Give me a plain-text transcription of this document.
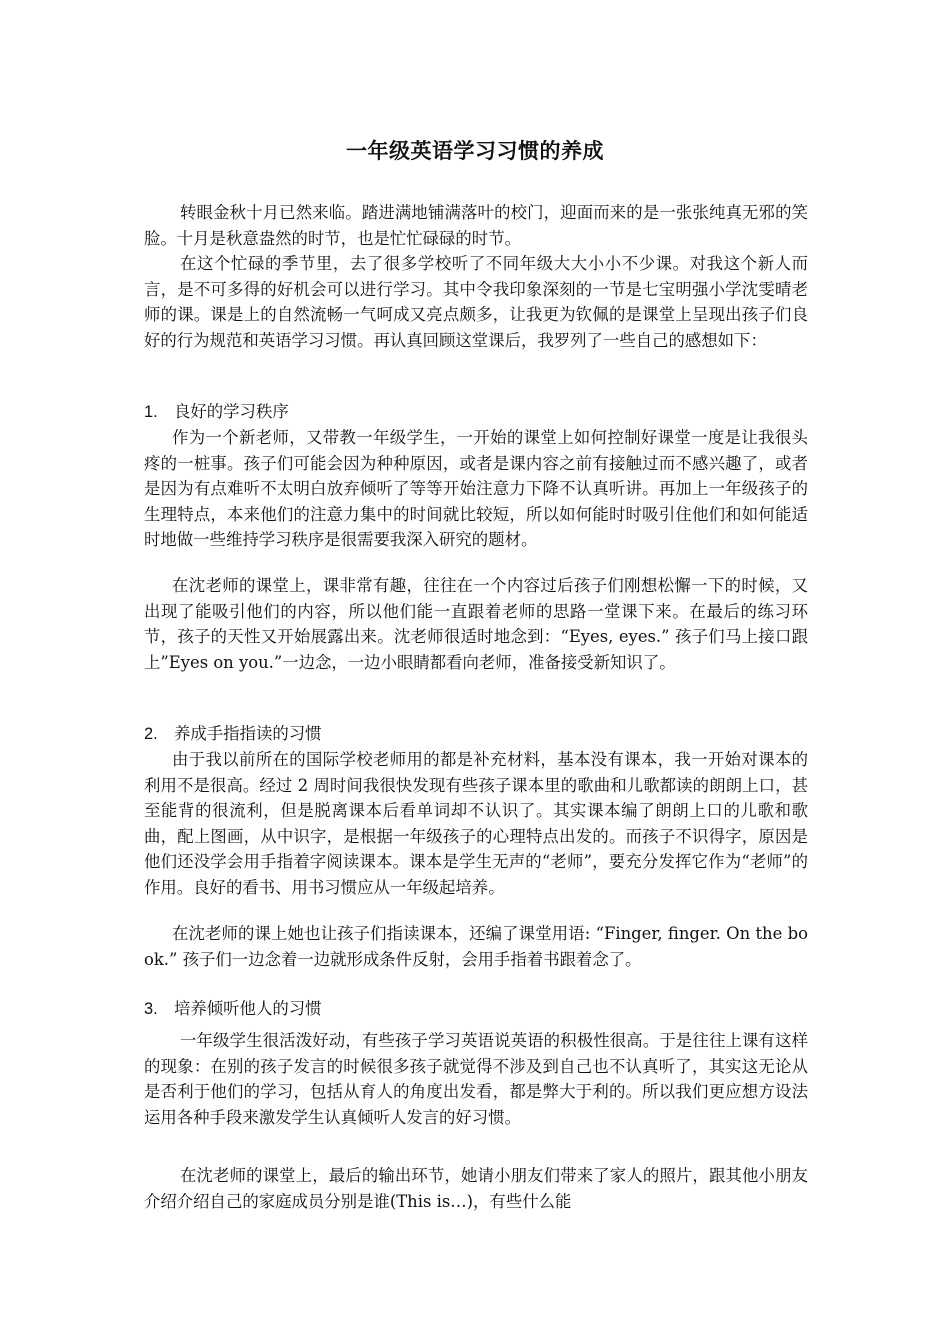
一年级英语学习习惯的养成
转眼金秋十月已然来临。踏进满地铺满落叶的校门，迎面而来的是一张张纯真无邪的笑脸。十月是秋意盎然的时节，也是忙忙碌碌的时节。
在这个忙碌的季节里，去了很多学校听了不同年级大大小小不少课。对我这个新人而言，是不可多得的好机会可以进行学习。其中令我印象深刻的一节是七宝明强小学沈雯晴老师的课。课是上的自然流畅一气呵成又亮点颇多，让我更为钦佩的是课堂上呈现出孩子们良好的行为规范和英语学习习惯。再认真回顾这堂课后，我罗列了一些自己的感想如下：
1. 良好的学习秩序
作为一个新老师，又带教一年级学生，一开始的课堂上如何控制好课堂一度是让我很头疼的一桩事。孩子们可能会因为种种原因，或者是课内容之前有接触过而不感兴趣了，或者是因为有点难听不太明白放弃倾听了等等开始注意力下降不认真听讲。再加上一年级孩子的生理特点，本来他们的注意力集中的时间就比较短，所以如何能时时吸引住他们和如何能适时地做一些维持学习秩序是很需要我深入研究的题材。
在沈老师的课堂上，课非常有趣，往往在一个内容过后孩子们刚想松懈一下的时候，又出现了能吸引他们的内容，所以他们能一直跟着老师的思路一堂课下来。在最后的练习环节，孩子的天性又开始展露出来。沈老师很适时地念到：“Eyes, eyes.” 孩子们马上接口跟上”Eyes on you.”一边念，一边小眼睛都看向老师，准备接受新知识了。
2. 养成手指指读的习惯
由于我以前所在的国际学校老师用的都是补充材料，基本没有课本，我一开始对课本的利用不是很高。经过 2 周时间我很快发现有些孩子课本里的歌曲和儿歌都读的朗朗上口，甚至能背的很流利，但是脱离课本后看单词却不认识了。其实课本编了朗朗上口的儿歌和歌曲，配上图画，从中识字，是根据一年级孩子的心理特点出发的。而孩子不识得字，原因是他们还没学会用手指着字阅读课本。课本是学生无声的“老师”，要充分发挥它作为“老师”的作用。良好的看书、用书习惯应从一年级起培养。
在沈老师的课上她也让孩子们指读课本，还编了课堂用语: “Finger, finger. On the book.” 孩子们一边念着一边就形成条件反射，会用手指着书跟着念了。
3. 培养倾听他人的习惯
一年级学生很活泼好动，有些孩子学习英语说英语的积极性很高。于是往往上课有这样的现象：在别的孩子发言的时候很多孩子就觉得不涉及到自己也不认真听了，其实这无论从是否利于他们的学习，包括从育人的角度出发看，都是弊大于利的。所以我们更应想方设法运用各种手段来激发学生认真倾听人发言的好习惯。
在沈老师的课堂上，最后的输出环节，她请小朋友们带来了家人的照片，跟其他小朋友介绍介绍自己的家庭成员分别是谁(This is…)，有些什么能
